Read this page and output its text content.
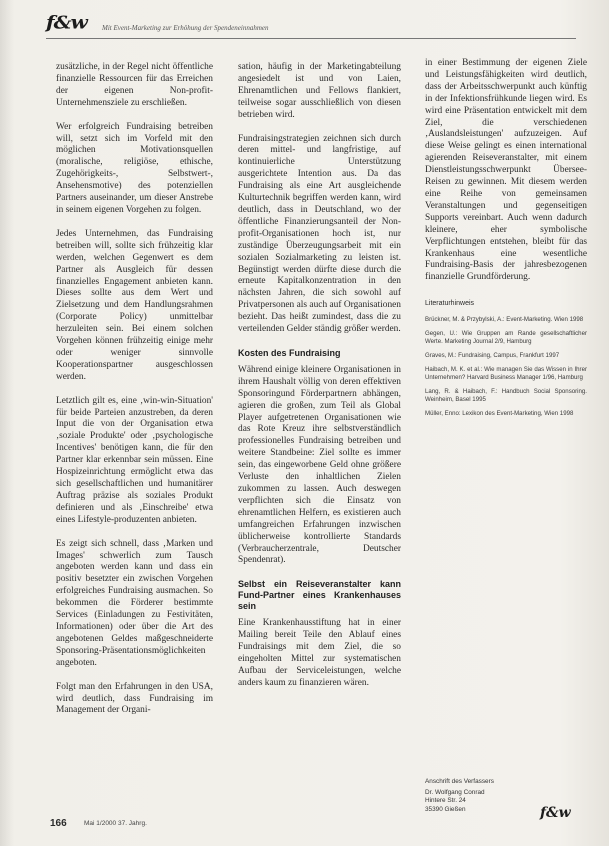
f&w Mit Event-Marketing zur Erhöhung der Spendeneinnahmen

zusätzliche, in der Regel nicht öffentliche finanzielle Ressourcen für das Erreichen der eigenen Non-profit-Unternehmensziele zu erschließen.

Wer erfolgreich Fundraising betreiben will, setzt sich im Vorfeld mit den möglichen Motivationsquellen (moralische, religiöse, ethische, Zugehörigkeits-, Selbstwert-, Ansehensmotive) des potenziellen Partners auseinander, um dieser Anstrebe in seinem eigenen Vorgehen zu folgen.

Jedes Unternehmen, das Fundraising betreiben will, sollte sich frühzeitig klar werden, welchen Gegenwert es dem Partner als Ausgleich für dessen finanzielles Engagement anbieten kann. Dieses sollte aus dem Wert und Zielsetzung und dem Handlungsrahmen (Corporate Policy) unmittelbar herzuleiten sein. Bei einem solchen Vorgehen können frühzeitig einige mehr oder weniger sinnvolle Kooperationspartner ausgeschlossen werden.

Letztlich gilt es, eine ‚win-win-Situation' für beide Parteien anzustreben, da deren Input die von der Organisation etwa ‚soziale Produkte' oder ‚psychologische Incentives' benötigen kann, die für den Partner klar erkennbar sein müssen. Eine Hospizeinrichtung ermöglicht etwa das sich gesellschaftlichen und humanitärer Auftrag präzise als soziales Produkt definieren und als ‚Einschreibe' etwa eines Lifestyle-produzenten anbieten.

Es zeigt sich schnell, dass ‚Marken und Images' schwerlich zum Tausch angeboten werden kann und dass ein positiv besetzter ein zwischen Vorgehen erfolgreiches Fundraising ausmachen. So bekommen die Förderer bestimmte Services (Einladungen zu Festivitäten, Informationen) oder über die Art des angebotenen Geldes maßgeschneiderte Sponsoring-Präsentationsmöglichkeiten angeboten.

Folgt man den Erfahrungen in den USA, wird deutlich, dass Fundraising im Management der Organi-

sation, häufig in der Marketingabteilung angesiedelt ist und von Laien, Ehrenamtlichen und Fellows flankiert, teilweise sogar ausschließlich von diesen betrieben wird.

Fundraisingstrategien zeichnen sich durch deren mittel- und langfristige, auf kontinuierliche Unterstützung ausgerichtete Intention aus. Da das Fundraising als eine Art ausgleichende Kulturtechnik begriffen werden kann, wird deutlich, dass in Deutschland, wo der öffentliche Finanzierungsanteil der Non-profit-Organisationen hoch ist, nur zuständige Überzeugungsarbeit mit ein sozialen Sozialmarketing zu leisten ist. Begünstigt werden dürfte diese durch die erneute Kapitalkonzentration in den nächsten Jahren, die sich sowohl auf Privatpersonen als auch auf Organisationen bezieht. Das heißt zumindest, dass die zu verteilenden Gelder ständig größer werden.

Kosten des Fundraising

Während einige kleinere Organisationen in ihrem Haushalt völlig von deren effektiven Sponsoringund Förderpartnern abhängen, agieren die großen, zum Teil als Global Player aufgetretenen Organisationen wie das Rote Kreuz ihre selbstverständlich professionelles Fundraising betreiben und weitere Standbeine: Ziel sollte es immer sein, das eingeworbene Geld ohne größere Verluste den inhaltlichen Zielen zukommen zu lassen. Auch deswegen verpflichten sich die Einsatz von ehrenamtlichen Helfern, es existieren auch umfangreichen Erfahrungen inzwischen üblicherweise kontrollierte Standards (Verbraucherzentrale, Deutscher Spendenrat).

Selbst ein Reiseveranstalter kann Fund-Partner eines Krankenhauses sein

Eine Krankenhausstiftung hat in einer Mailing bereit Teile den Ablauf eines Fundraisings mit dem Ziel, die so eingeholten Mittel zur systematischen Aufbau der Serviceleistungen, welche anders kaum zu finanzieren wären.

in einer Bestimmung der eigenen Ziele und Leistungsfähigkeiten wird deutlich, dass der Arbeitsschwerpunkt auch künftig in der Infektionsfrühkunde liegen wird. Es wird eine Präsentation entwickelt mit dem Ziel, die verschiedenen ‚Auslandsleistungen' aufzuzeigen. Auf diese Weise gelingt es einen international agierenden Reiseveranstalter, mit einem Dienstleistungsschwerpunkt Übersee-Reisen zu gewinnen. Mit diesem werden eine Reihe von gemeinsamen Veranstaltungen und gegenseitigen Supports vereinbart. Auch wenn dadurch kleinere, eher symbolische Verpflichtungen entstehen, bleibt für das Krankenhaus eine wesentliche Fundraising-Basis der jahresbezogenen finanzielle Grundförderung.

Literaturhinweis
Brückner, M. & Przybylski, A.: Event-Marketing. Wien 1998
Gegen, U.: Wie Gruppen am Rande gesellschaftlicher Werte. Marketing Journal 2/9, Hamburg
Graves, M.: Fundraising, Campus, Frankfurt 1997
Haibach, M. K. et al.: Wie managen Sie das Wissen in Ihrer Unternehmen? Harvard Business Manager 1/96, Hamburg
Lang, R. & Haibach, F.: Handbuch Social Sponsoring. Weinheim, Basel 1995
Müller, Enno: Lexikon des Event-Marketing, Wien 1998
Anschrift des Verfassers
Dr. Wolfgang Conrad
Hintere Str. 24
35390 Gießen	f&w
166	Mai 1/2000 37. Jahrg.
